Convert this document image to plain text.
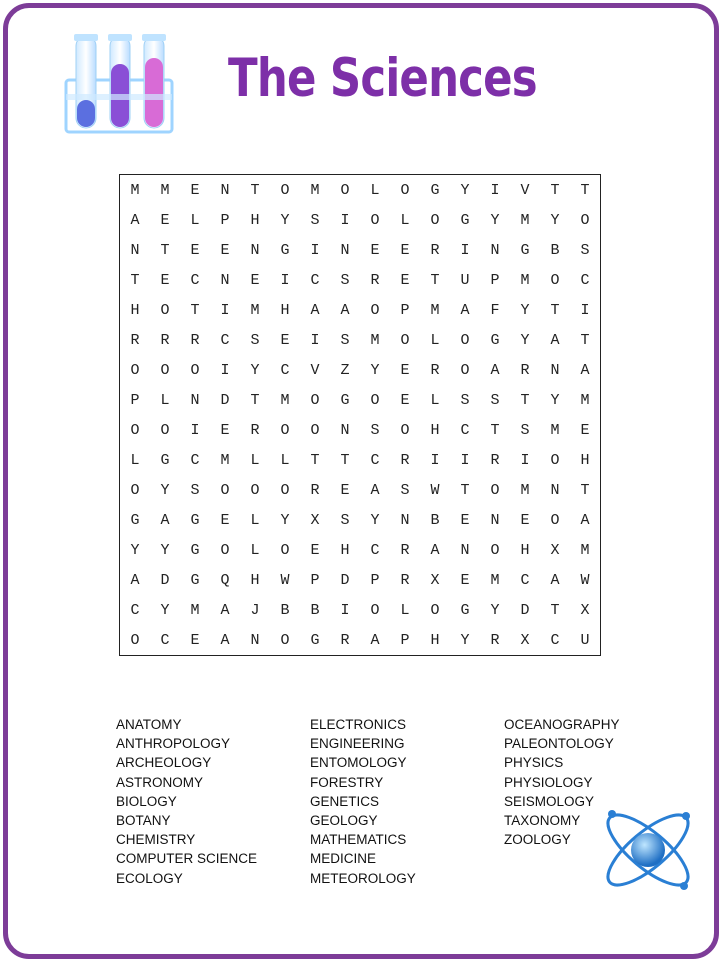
The Sciences
M	M	E	N	T	O	M	O	L	O	G	Y	I	V	T	T
A	E	L	P	H	Y	S	I	O	L	O	G	Y	M	Y	O
N	T	E	E	N	G	I	N	E	E	R	I	N	G	B	S
T	E	C	N	E	I	C	S	R	E	T	U	P	M	O	C
H	O	T	I	M	H	A	A	O	P	M	A	F	Y	T	I
R	R	R	C	S	E	I	S	M	O	L	O	G	Y	A	T
O	O	O	I	Y	C	V	Z	Y	E	R	O	A	R	N	A
P	L	N	D	T	M	O	G	O	E	L	S	S	T	Y	M
O	O	I	E	R	O	O	N	S	O	H	C	T	S	M	E
L	G	C	M	L	L	T	T	C	R	I	I	R	I	O	H
O	Y	S	O	O	O	R	E	A	S	W	T	O	M	N	T
G	A	G	E	L	Y	X	S	Y	N	B	E	N	E	O	A
Y	Y	G	O	L	O	E	H	C	R	A	N	O	H	X	M
A	D	G	Q	H	W	P	D	P	R	X	E	M	C	A	W
C	Y	M	A	J	B	B	I	O	L	O	G	Y	D	T	X
O	C	E	A	N	O	G	R	A	P	H	Y	R	X	C	U
ANATOMY
ANTHROPOLOGY
ARCHEOLOGY
ASTRONOMY
BIOLOGY
BOTANY
CHEMISTRY
COMPUTER SCIENCE
ECOLOGY
ELECTRONICS
ENGINEERING
ENTOMOLOGY
FORESTRY
GENETICS
GEOLOGY
MATHEMATICS
MEDICINE
METEOROLOGY
OCEANOGRAPHY
PALEONTOLOGY
PHYSICS
PHYSIOLOGY
SEISMOLOGY
TAXONOMY
ZOOLOGY
